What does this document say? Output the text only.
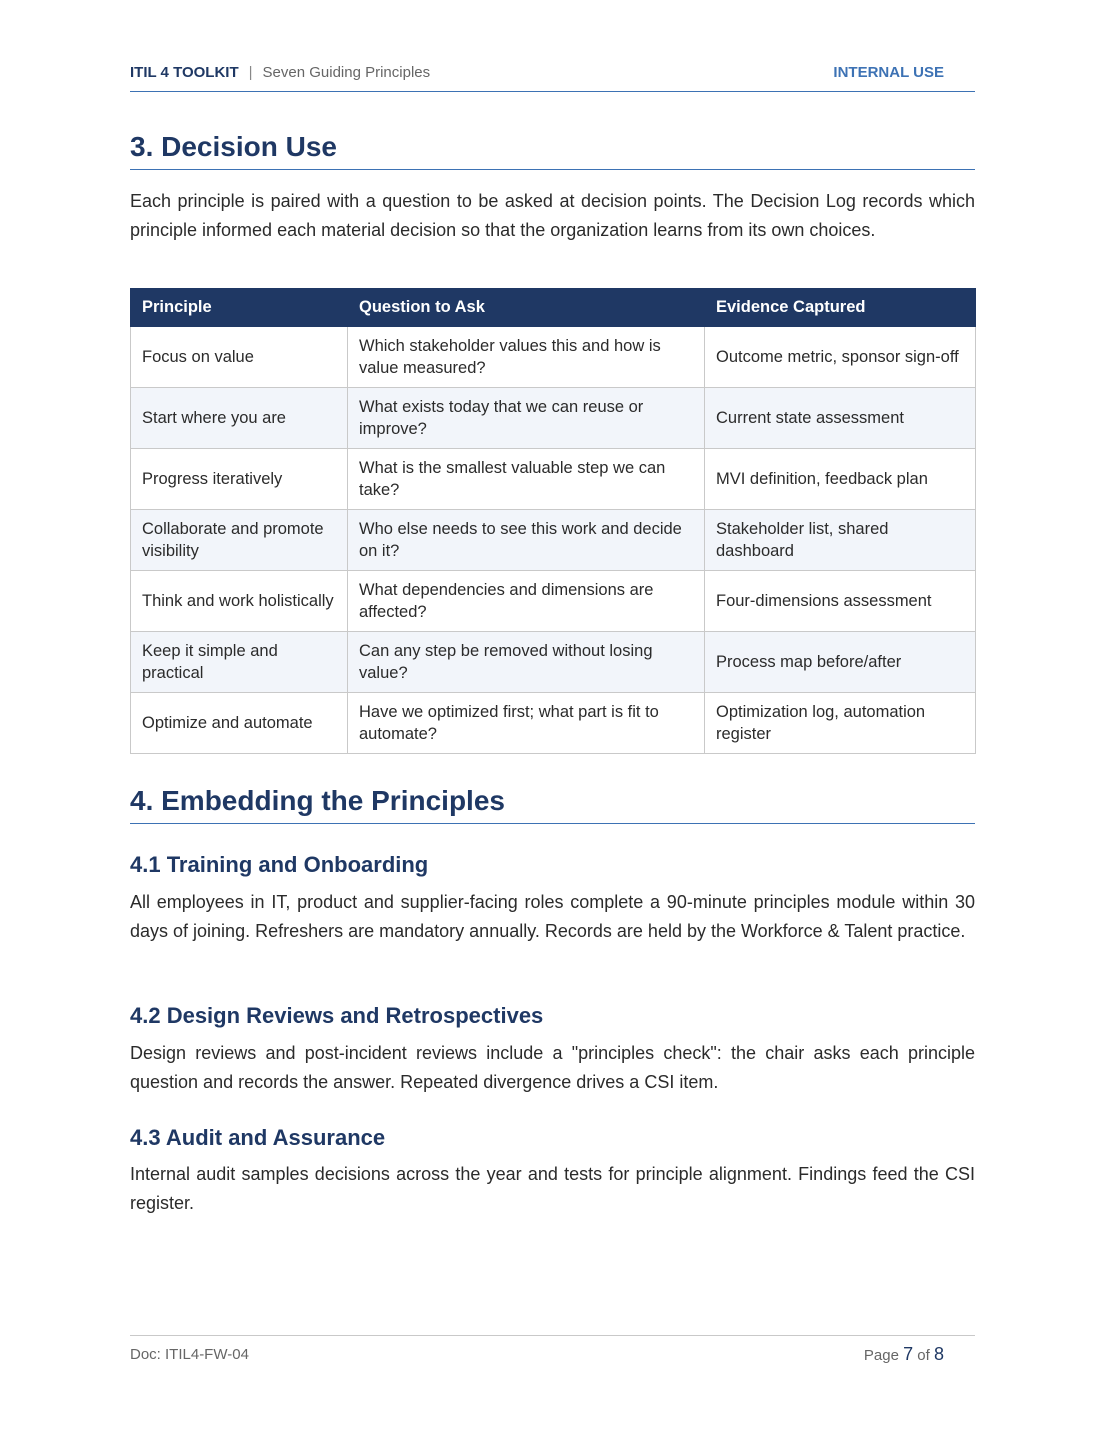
ITIL 4 TOOLKIT | Seven Guiding Principles	INTERNAL USE
3. Decision Use

Each principle is paired with a question to be asked at decision points. The Decision Log records which principle informed each material decision so that the organization learns from its own choices.

Principle	Question to Ask	Evidence Captured
Focus on value	Which stakeholder values this and how is value measured?	Outcome metric, sponsor sign-off
Start where you are	What exists today that we can reuse or improve?	Current state assessment
Progress iteratively	What is the smallest valuable step we can take?	MVI definition, feedback plan
Collaborate and promote visibility	Who else needs to see this work and decide on it?	Stakeholder list, shared dashboard
Think and work holistically	What dependencies and dimensions are affected?	Four-dimensions assessment
Keep it simple and practical	Can any step be removed without losing value?	Process map before/after
Optimize and automate	Have we optimized first; what part is fit to automate?	Optimization log, automation register
4. Embedding the Principles
4.1 Training and Onboarding

All employees in IT, product and supplier-facing roles complete a 90-minute principles module within 30 days of joining. Refreshers are mandatory annually. Records are held by the Workforce & Talent practice.

4.2 Design Reviews and Retrospectives

Design reviews and post-incident reviews include a "principles check": the chair asks each principle question and records the answer. Repeated divergence drives a CSI item.

4.3 Audit and Assurance

Internal audit samples decisions across the year and tests for principle alignment. Findings feed the CSI register.

Doc: ITIL4-FW-04	Page 7 of 8
